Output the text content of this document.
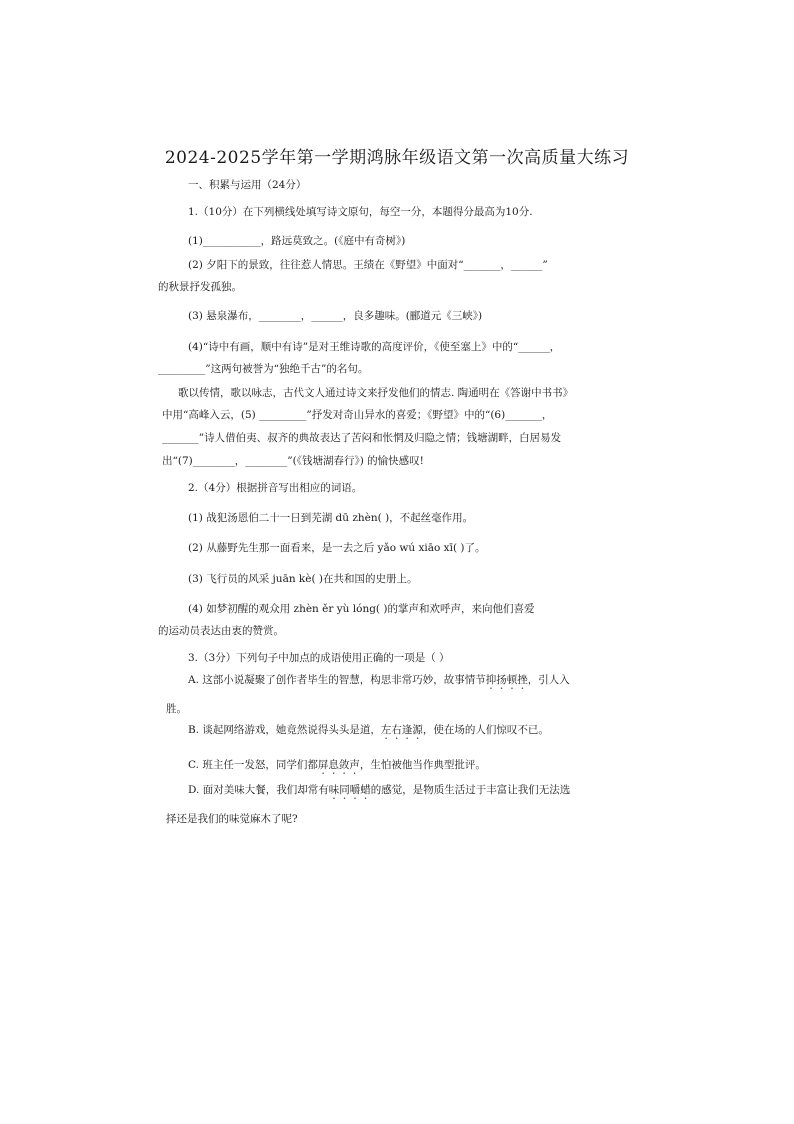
2024-2025学年第一学期鸿脉年级语文第一次高质量大练习

一、积累与运用（24分）

1.（10分）在下列横线处填写诗文原句，每空一分，本题得分最高为10分.

(1)___________，路远莫致之。(《庭中有奇树》)

(2) 夕阳下的景致，往往惹人情思。王绩在《野望》中面对“_______，______”

的秋景抒发孤独。

(3) 悬泉瀑布，________，______，良多趣味。(郦道元《三峡》)

(4)“诗中有画，顺中有诗”是对王维诗歌的高度评价，《使至塞上》中的“______，

_________”这两句被誉为“独绝千古”的名句。

歌以传情，歌以咏志，古代文人通过诗文来抒发他们的情志. 陶通明在《答谢中书书》

中用“高峰入云，(5) _________”抒发对奇山异水的喜爱；《野望》中的“(6)_______，

_______”诗人借伯夷、叔齐的典故表达了苦闷和怅惘及归隐之情；钱塘湖畔，白居易发

出“(7)________，________”(《钱塘湖春行》) 的愉快感叹!

2.（4分）根据拼音写出相应的词语。

(1) 战犯汤恩伯二十一日到芜湖 dū zhèn( )，不起丝毫作用。

(2) 从藤野先生那一面看来，是一去之后 yǎo wú xiāo xī( )了。

(3) 飞行员的风采 juān kè( )在共和国的史册上。

(4) 如梦初醒的观众用 zhèn ěr yù lóng( )的掌声和欢呼声，来向他们喜爱

的运动员表达由衷的赞赏。

3.（3分）下列句子中加点的成语使用正确的一项是（ ）

A. 这部小说凝聚了创作者毕生的智慧，构思非常巧妙，故事情节抑扬顿挫，引人入

胜。

B. 谈起网络游戏，她竟然说得头头是道，左右逢源，使在场的人们惊叹不已。

C. 班主任一发怒，同学们都屏息敛声，生怕被他当作典型批评。

D. 面对美味大餐，我们却常有味同嚼蜡的感觉，是物质生活过于丰富让我们无法选

择还是我们的味觉麻木了呢?
